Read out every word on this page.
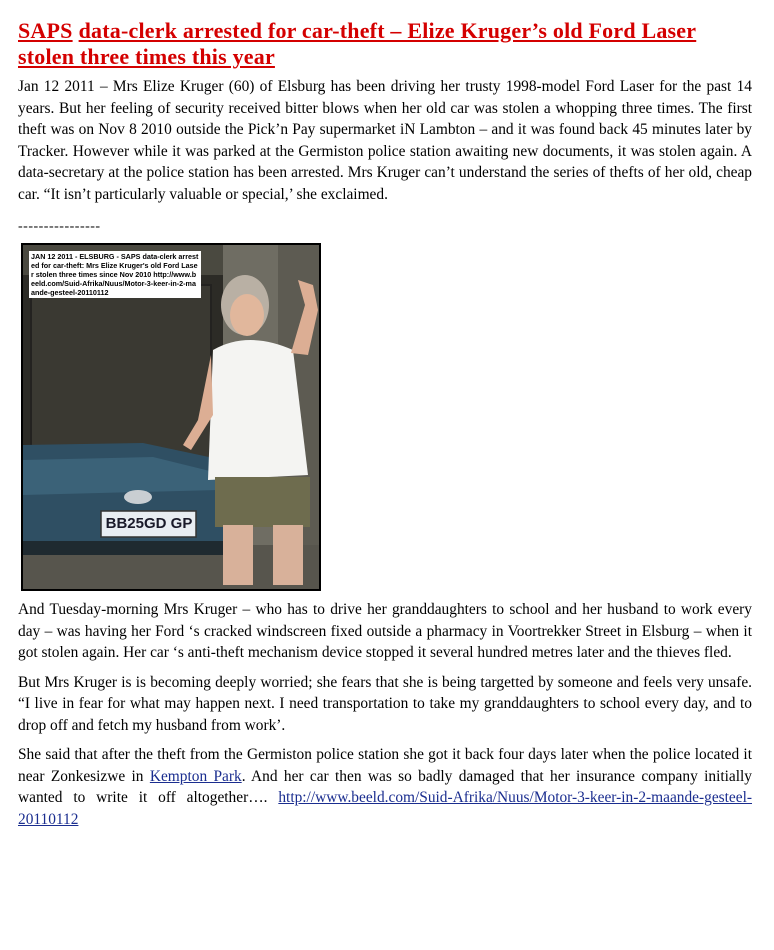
SAPS data-clerk arrested for car-theft – Elize Kruger’s old Ford Laser stolen three times this year

Jan 12 2011 – Mrs Elize Kruger (60) of Elsburg has been driving her trusty 1998-model Ford Laser for the past 14 years. But her feeling of security received bitter blows when her old car was stolen a whopping three times. The first theft was on Nov 8 2010 outside the Pick’n Pay supermarket iN Lambton – and it was found back 45 minutes later by Tracker. However while it was parked at the Germiston police station awaiting new documents, it was stolen again. A data-secretary at the police station has been arrested. Mrs Kruger can’t understand the series of thefts of her old, cheap car. “It isn’t particularly valuable or special,’ she exclaimed.

----------------
JAN 12 2011 - ELSBURG - SAPS data-clerk arrested for car-theft: Mrs Elize Kruger's old Ford Laser stolen three times since Nov 2010 http://www.beeld.com/Suid-Afrika/Nuus/Motor-3-keer-in-2-maande-gesteel-20110112
BB25GD GP

And Tuesday-morning Mrs Kruger – who has to drive her granddaughters to school and her husband to work every day – was having her Ford ‘s cracked windscreen fixed outside a pharmacy in Voortrekker Street in Elsburg – when it got stolen again. Her car ‘s anti-theft mechanism device stopped it several hundred metres later and the thieves fled.

But Mrs Kruger is is becoming deeply worried; she fears that she is being targetted by someone and feels very unsafe. “I live in fear for what may happen next. I need transportation to take my granddaughters to school every day, and to drop off and fetch my husband from work’.

She said that after the theft from the Germiston police station she got it back four days later when the police located it near Zonkesizwe in Kempton Park. And her car then was so badly damaged that her insurance company initially wanted to write it off altogether…. http://www.beeld.com/Suid-Afrika/Nuus/Motor-3-keer-in-2-maande-gesteel-20110112
